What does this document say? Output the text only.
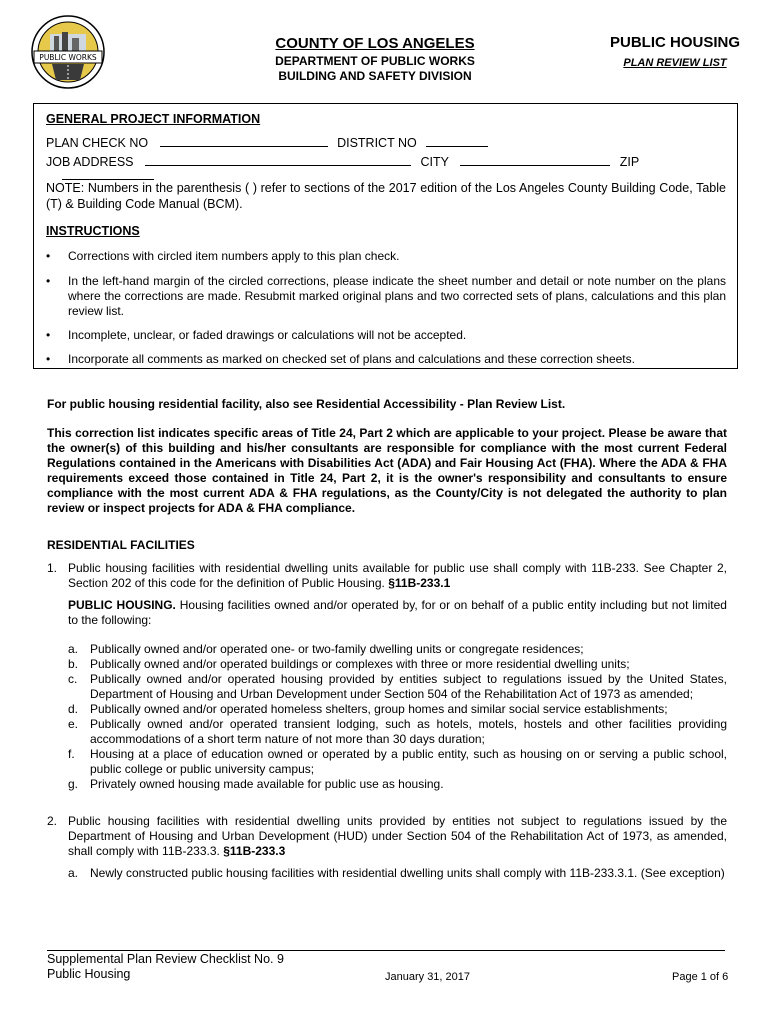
PUBLIC WORKS
COUNTY OF LOS ANGELES
DEPARTMENT OF PUBLIC WORKS
BUILDING AND SAFETY DIVISION
PUBLIC HOUSING
PLAN REVIEW LIST
GENERAL PROJECT INFORMATION
PLAN CHECK NO	DISTRICT NO
JOB ADDRESS	CITY	ZIP
NOTE: Numbers in the parenthesis ( ) refer to sections of the 2017 edition of the Los Angeles County Building Code, Table (T) & Building Code Manual (BCM).
INSTRUCTIONS
• Corrections with circled item numbers apply to this plan check.
• In the left-hand margin of the circled corrections, please indicate the sheet number and detail or note number on the plans where the corrections are made. Resubmit marked original plans and two corrected sets of plans, calculations and this plan review list.
• Incomplete, unclear, or faded drawings or calculations will not be accepted.
• Incorporate all comments as marked on checked set of plans and calculations and these correction sheets.
For public housing residential facility, also see Residential Accessibility - Plan Review List.
This correction list indicates specific areas of Title 24, Part 2 which are applicable to your project. Please be aware that the owner(s) of this building and his/her consultants are responsible for compliance with the most current Federal Regulations contained in the Americans with Disabilities Act (ADA) and Fair Housing Act (FHA). Where the ADA & FHA requirements exceed those contained in Title 24, Part 2, it is the owner's responsibility and consultants to ensure compliance with the most current ADA & FHA regulations, as the County/City is not delegated the authority to plan review or inspect projects for ADA & FHA compliance.
RESIDENTIAL FACILITIES
1. Public housing facilities with residential dwelling units available for public use shall comply with 11B-233. See Chapter 2, Section 202 of this code for the definition of Public Housing. §11B-233.1
PUBLIC HOUSING. Housing facilities owned and/or operated by, for or on behalf of a public entity including but not limited to the following:
a. Publically owned and/or operated one- or two-family dwelling units or congregate residences;
b. Publically owned and/or operated buildings or complexes with three or more residential dwelling units;
c. Publically owned and/or operated housing provided by entities subject to regulations issued by the United States, Department of Housing and Urban Development under Section 504 of the Rehabilitation Act of 1973 as amended;
d. Publically owned and/or operated homeless shelters, group homes and similar social service establishments;
e. Publically owned and/or operated transient lodging, such as hotels, motels, hostels and other facilities providing accommodations of a short term nature of not more than 30 days duration;
f. Housing at a place of education owned or operated by a public entity, such as housing on or serving a public school, public college or public university campus;
g. Privately owned housing made available for public use as housing.
2. Public housing facilities with residential dwelling units provided by entities not subject to regulations issued by the Department of Housing and Urban Development (HUD) under Section 504 of the Rehabilitation Act of 1973, as amended, shall comply with 11B-233.3. §11B-233.3
a. Newly constructed public housing facilities with residential dwelling units shall comply with 11B-233.3.1. (See exception)
Supplemental Plan Review Checklist No. 9
Public Housing	January 31, 2017	Page 1 of 6
